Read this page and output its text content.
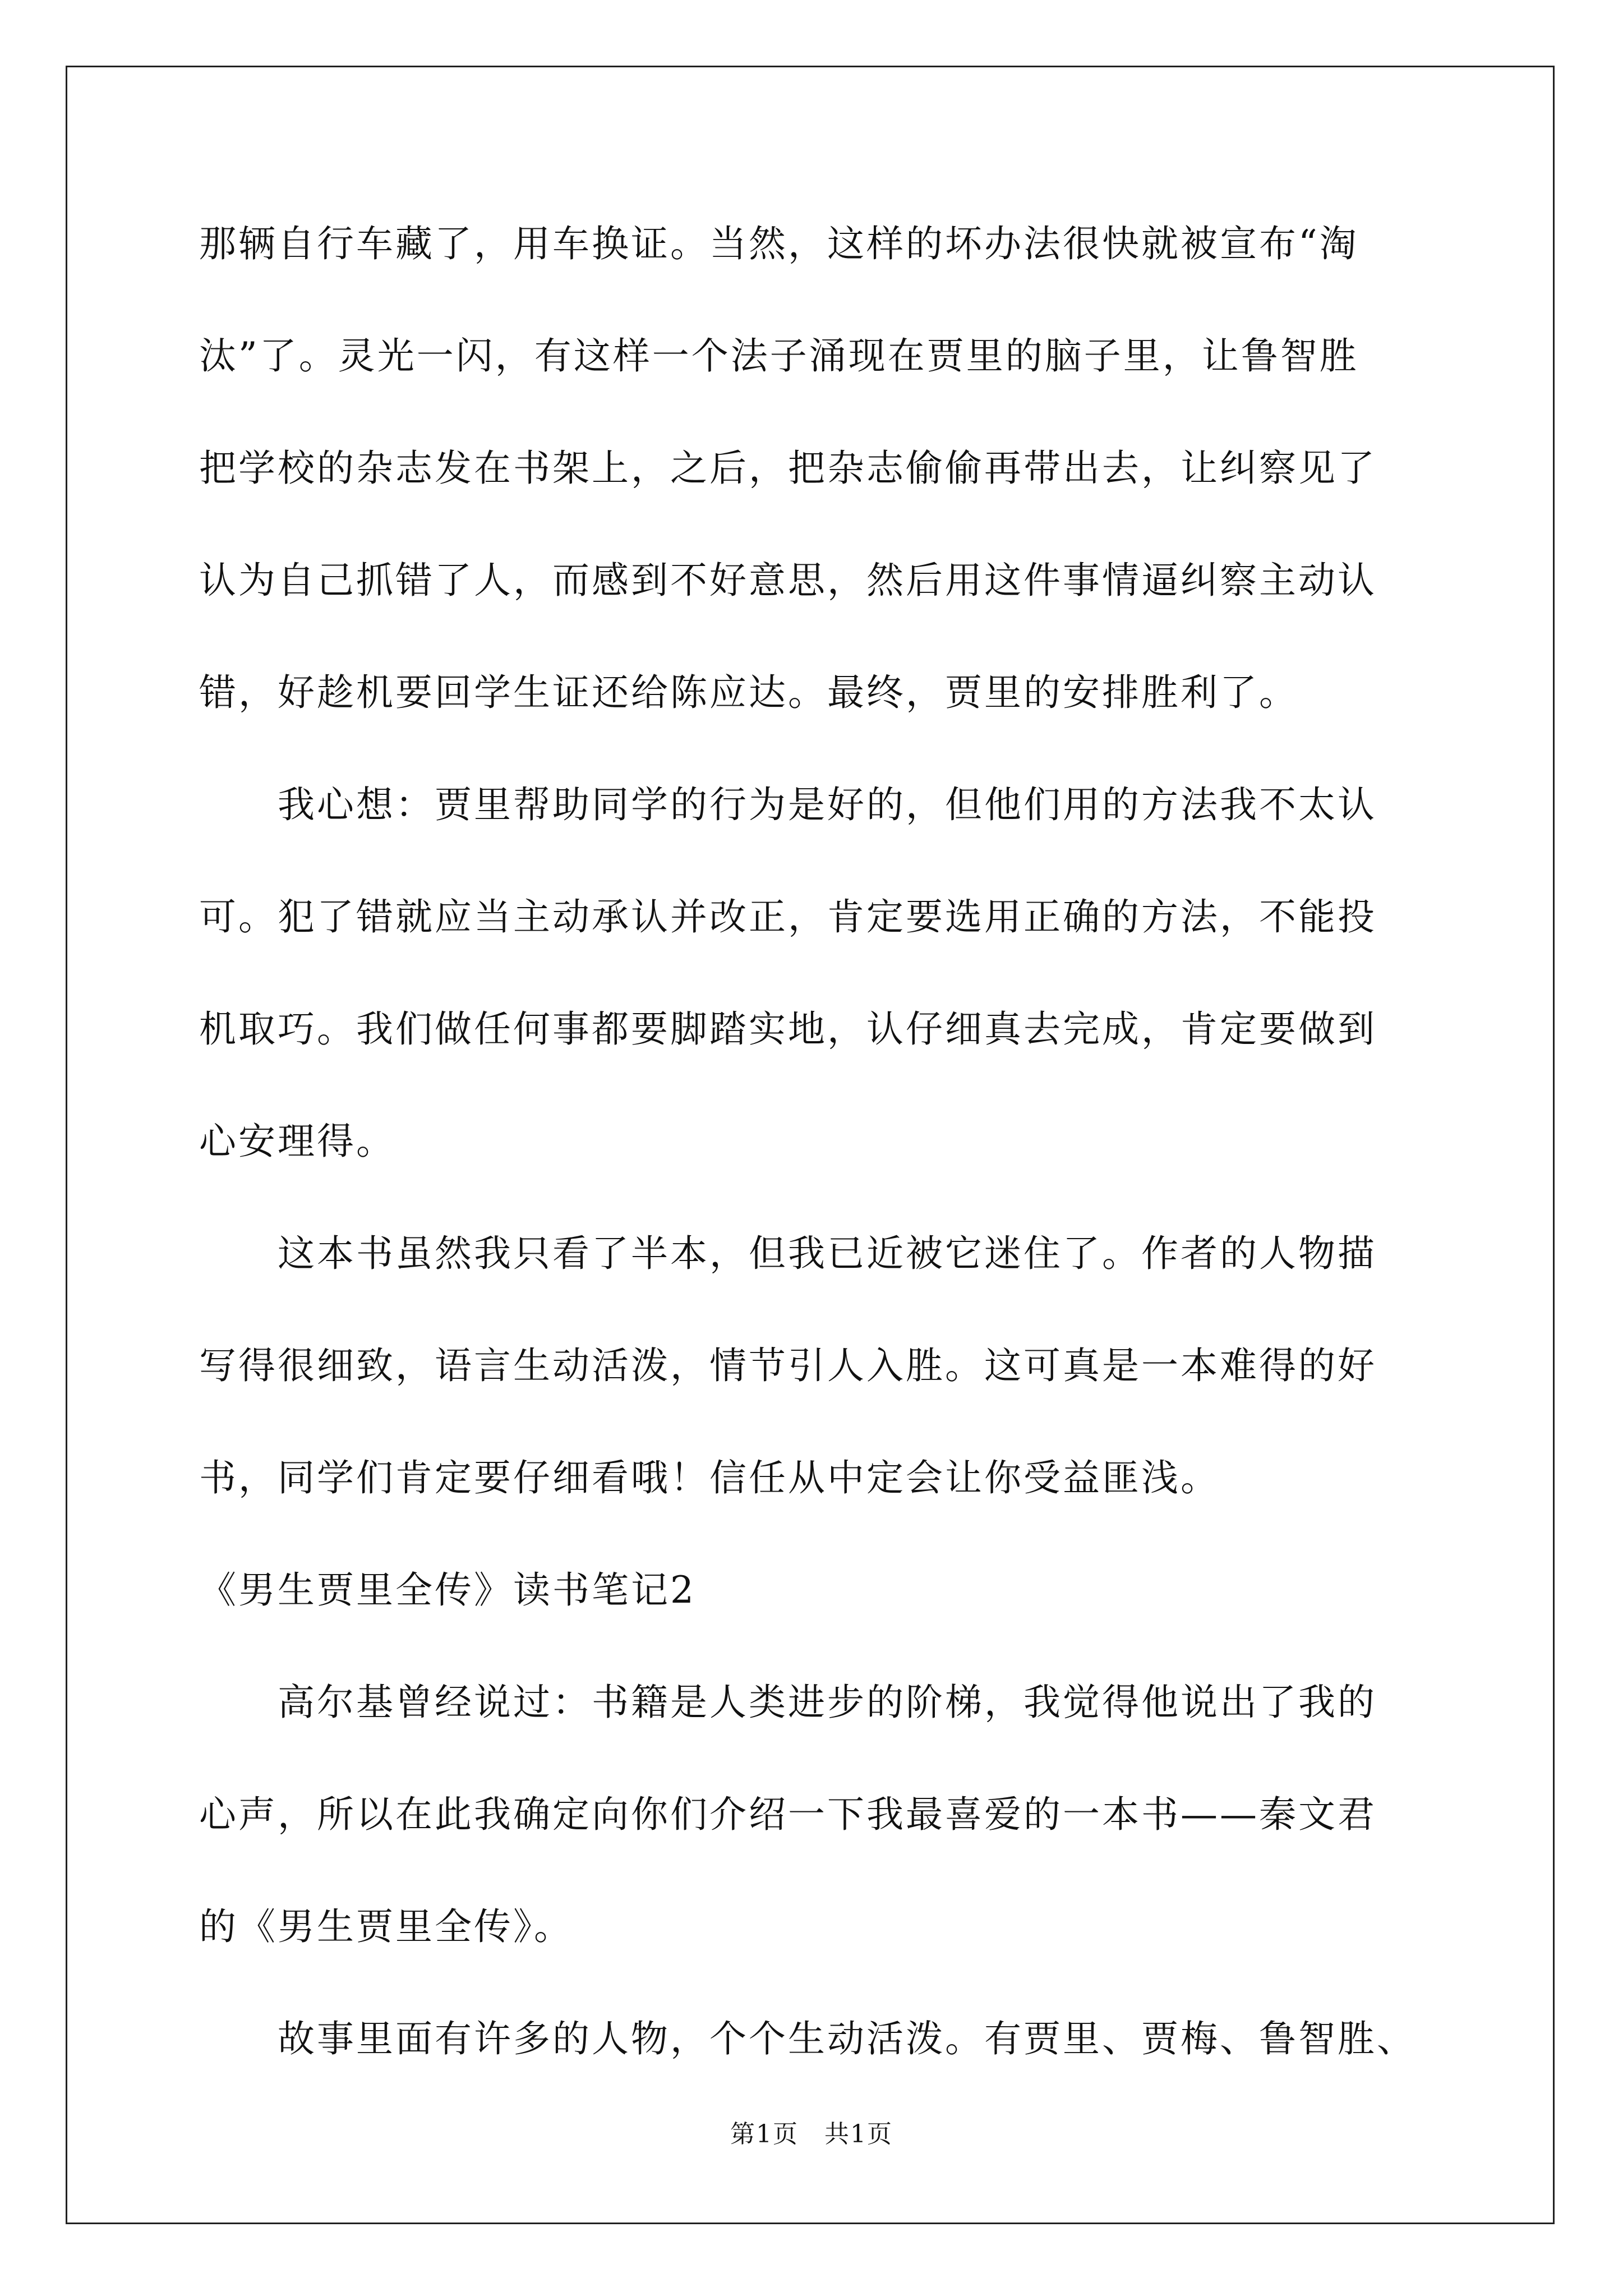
那辆自行车藏了，用车换证。当然，这样的坏办法很快就被宣布“淘
汰”了。灵光一闪，有这样一个法子涌现在贾里的脑子里，让鲁智胜
把学校的杂志发在书架上，之后，把杂志偷偷再带出去，让纠察见了
认为自己抓错了人，而感到不好意思，然后用这件事情逼纠察主动认
错，好趁机要回学生证还给陈应达。最终，贾里的安排胜利了。
我心想：贾里帮助同学的行为是好的，但他们用的方法我不太认
可。犯了错就应当主动承认并改正，肯定要选用正确的方法，不能投
机取巧。我们做任何事都要脚踏实地，认仔细真去完成，肯定要做到
心安理得。
这本书虽然我只看了半本，但我已近被它迷住了。作者的人物描
写得很细致，语言生动活泼，情节引人入胜。这可真是一本难得的好
书，同学们肯定要仔细看哦！信任从中定会让你受益匪浅。
《男生贾里全传》读书笔记2
高尔基曾经说过：书籍是人类进步的阶梯，我觉得他说出了我的
心声，所以在此我确定向你们介绍一下我最喜爱的一本书——秦文君
的《男生贾里全传》。
故事里面有许多的人物，个个生动活泼。有贾里、贾梅、鲁智胜、
第1页　共1页
